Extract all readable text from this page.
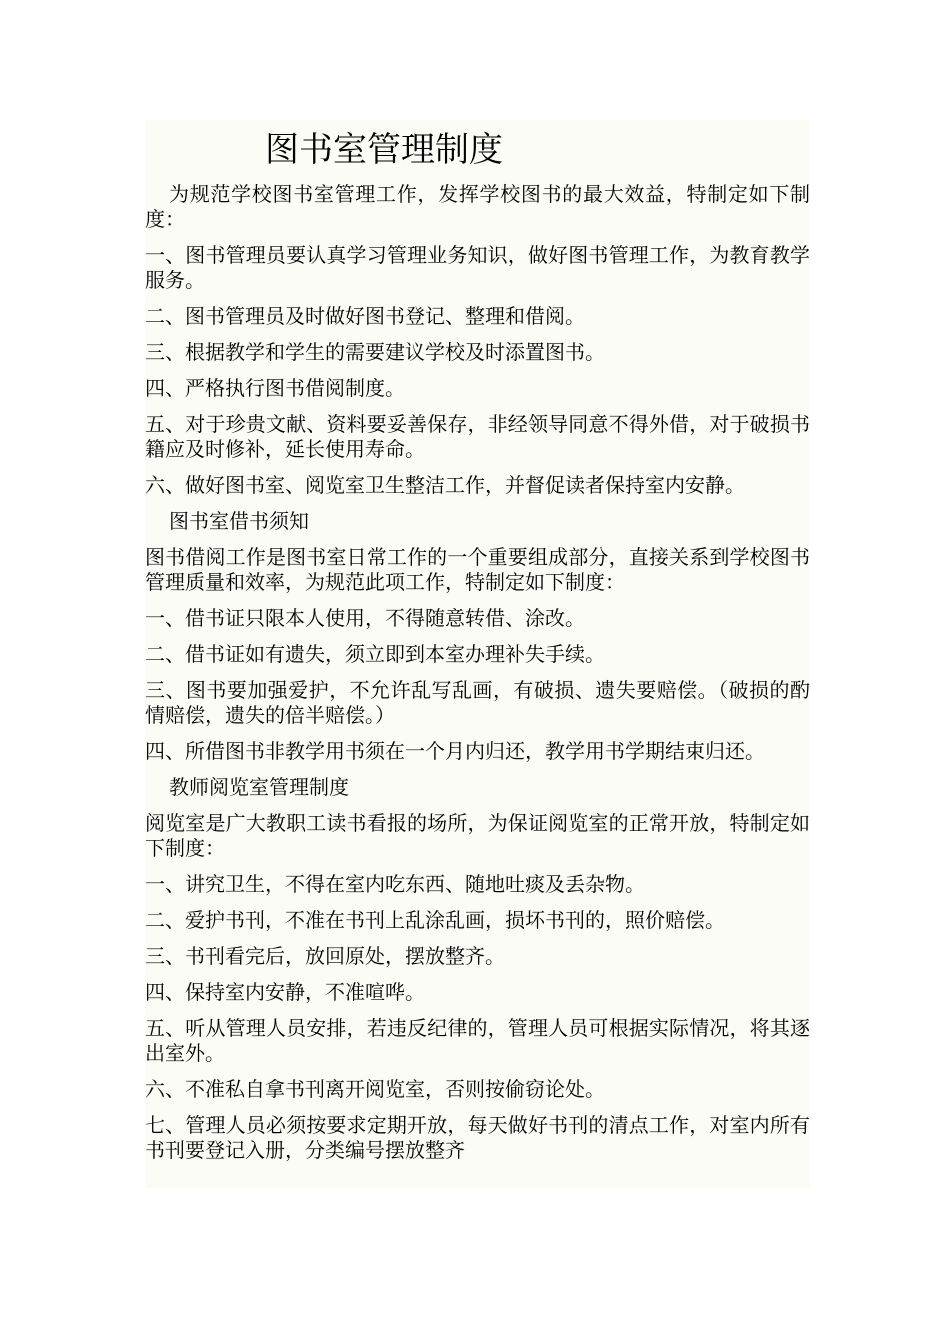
图书室管理制度

为规范学校图书室管理工作，发挥学校图书的最大效益，特制定如下制度：

一、图书管理员要认真学习管理业务知识，做好图书管理工作，为教育教学服务。

二、图书管理员及时做好图书登记、整理和借阅。

三、根据教学和学生的需要建议学校及时添置图书。

四、严格执行图书借阅制度。

五、对于珍贵文献、资料要妥善保存，非经领导同意不得外借，对于破损书籍应及时修补，延长使用寿命。

六、做好图书室、阅览室卫生整洁工作，并督促读者保持室内安静。

图书室借书须知

图书借阅工作是图书室日常工作的一个重要组成部分，直接关系到学校图书管理质量和效率，为规范此项工作，特制定如下制度：

一、借书证只限本人使用，不得随意转借、涂改。

二、借书证如有遗失，须立即到本室办理补失手续。

三、图书要加强爱护，不允许乱写乱画，有破损、遗失要赔偿。（破损的酌情赔偿，遗失的倍半赔偿。）

四、所借图书非教学用书须在一个月内归还，教学用书学期结束归还。

教师阅览室管理制度

阅览室是广大教职工读书看报的场所，为保证阅览室的正常开放，特制定如下制度：

一、讲究卫生，不得在室内吃东西、随地吐痰及丢杂物。

二、爱护书刊，不准在书刊上乱涂乱画，损坏书刊的，照价赔偿。

三、书刊看完后，放回原处，摆放整齐。

四、保持室内安静，不准喧哗。

五、听从管理人员安排，若违反纪律的，管理人员可根据实际情况，将其逐出室外。

六、不准私自拿书刊离开阅览室，否则按偷窃论处。

七、管理人员必须按要求定期开放，每天做好书刊的清点工作，对室内所有书刊要登记入册，分类编号摆放整齐
